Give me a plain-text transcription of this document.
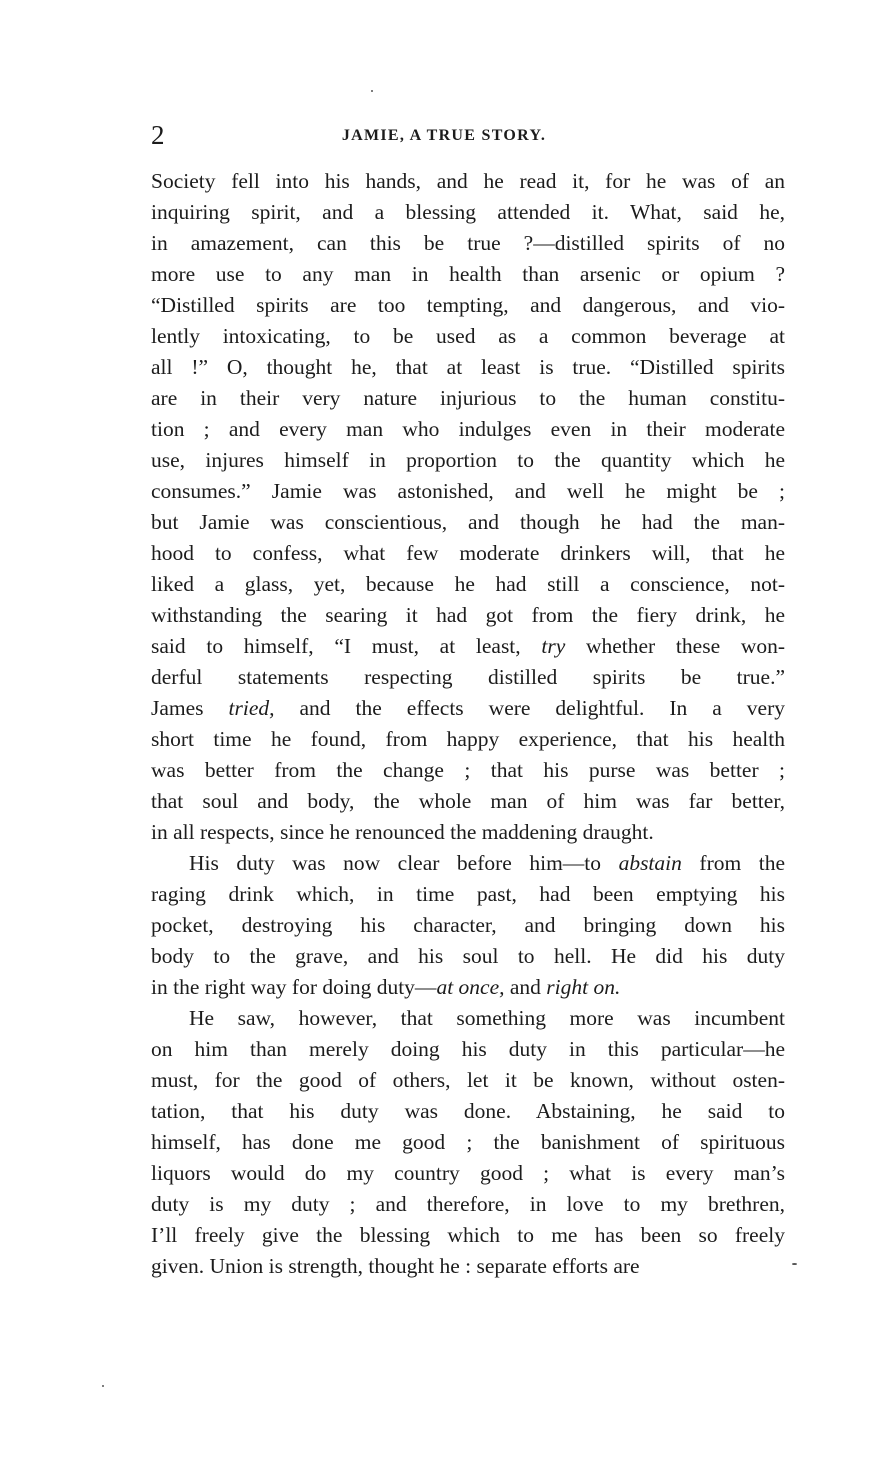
2	JAMIE, A TRUE STORY.
Society fell into his hands, and he read it, for he was of an
inquiring spirit, and a blessing attended it. What, said he,
in amazement, can this be true ?—distilled spirits of no
more use to any man in health than arsenic or opium ?
“Distilled spirits are too tempting, and dangerous, and vio-
lently intoxicating, to be used as a common beverage at
all !” O, thought he, that at least is true. “Distilled spirits
are in their very nature injurious to the human constitu-
tion ; and every man who indulges even in their moderate
use, injures himself in proportion to the quantity which he
consumes.” Jamie was astonished, and well he might be ;
but Jamie was conscientious, and though he had the man-
hood to confess, what few moderate drinkers will, that he
liked a glass, yet, because he had still a conscience, not-
withstanding the searing it had got from the fiery drink, he
said to himself, “I must, at least, try whether these won-
derful statements respecting distilled spirits be true.”
James tried, and the effects were delightful. In a very
short time he found, from happy experience, that his health
was better from the change ; that his purse was better ;
that soul and body, the whole man of him was far better,
in all respects, since he renounced the maddening draught.
His duty was now clear before him—to abstain from the
raging drink which, in time past, had been emptying his
pocket, destroying his character, and bringing down his
body to the grave, and his soul to hell. He did his duty
in the right way for doing duty—at once, and right on.
He saw, however, that something more was incumbent
on him than merely doing his duty in this particular—he
must, for the good of others, let it be known, without osten-
tation, that his duty was done. Abstaining, he said to
himself, has done me good ; the banishment of spirituous
liquors would do my country good ; what is every man’s
duty is my duty ; and therefore, in love to my brethren,
I’ll freely give the blessing which to me has been so freely
given. Union is strength, thought he : separate efforts are
